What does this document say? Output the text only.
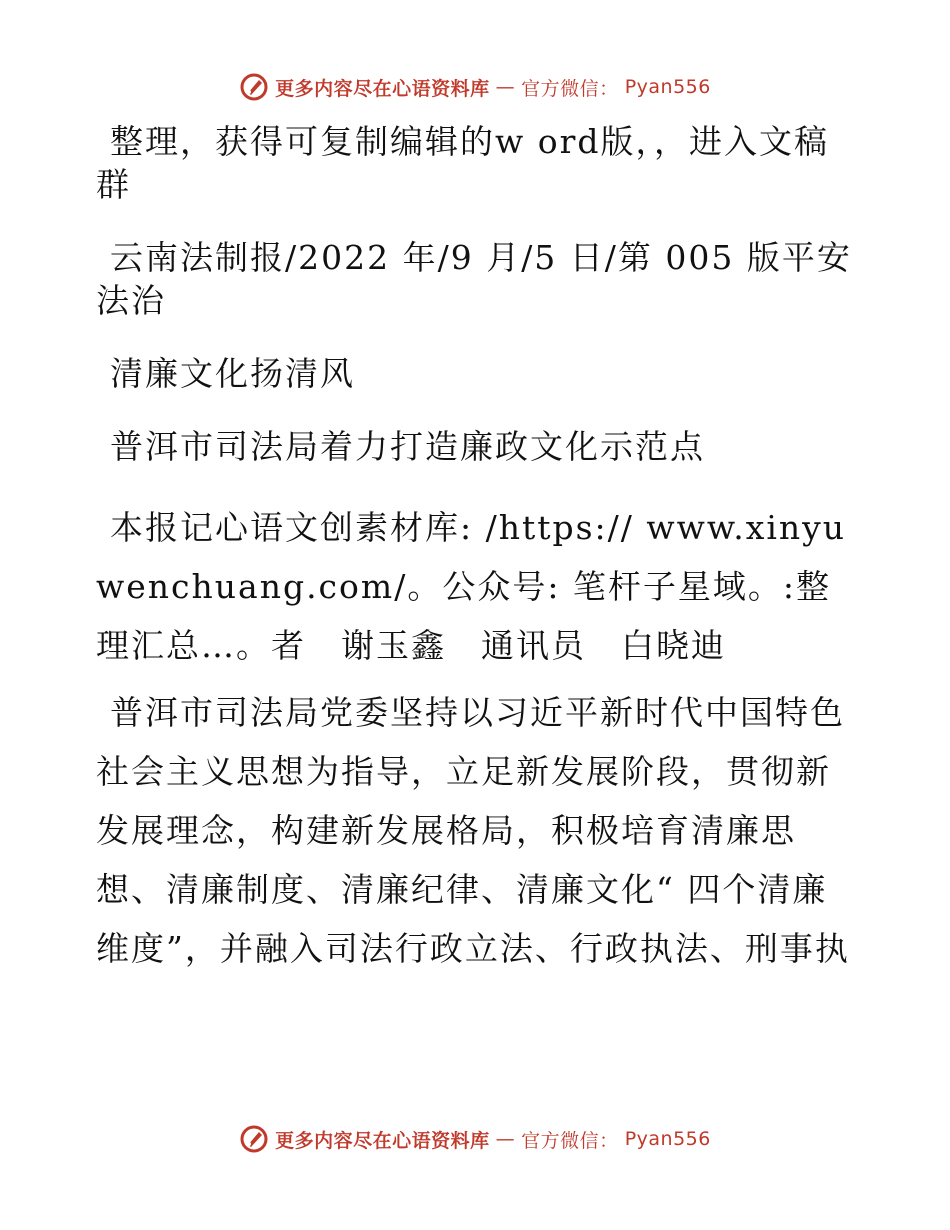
更多内容尽在心语资料库 — 官方微信： Pyan556

整理，获得可复制编辑的w ord版，，进入文稿群

云南法制报/2022 年/9 月/5 日/第 005 版平安法治

清廉文化扬清风

普洱市司法局着力打造廉政文化示范点

本报记心语文创素材库: /https:// www.xinyuwenchuang.com/。公众号: 笔杆子星域。:整理汇总…。者　谢玉鑫　通讯员　白晓迪

普洱市司法局党委坚持以习近平新时代中国特色社会主义思想为指导，立足新发展阶段，贯彻新发展理念，构建新发展格局，积极培育清廉思想、清廉制度、清廉纪律、清廉文化“ 四个清廉维度”，并融入司法行政立法、行政执法、刑事执

更多内容尽在心语资料库 — 官方微信： Pyan556
